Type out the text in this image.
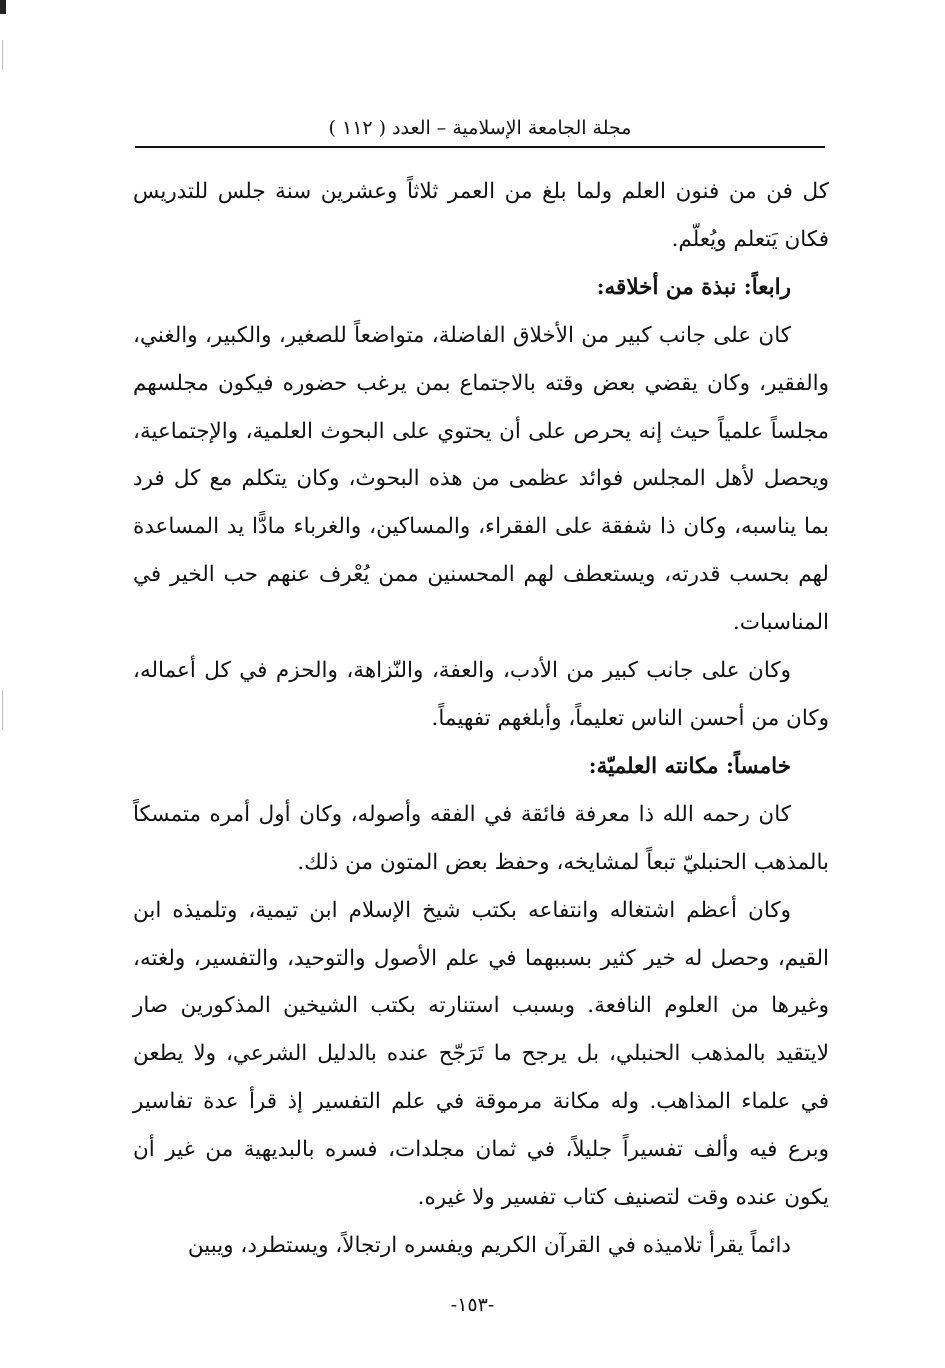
مجلة الجامعة الإسلامية – العدد ( ١١٢ )

كل فن من فنون العلم ولما بلغ من العمر ثلاثاً وعشرين سنة جلس للتدريس فكان يَتعلم ويُعلّم.

رابعاً: نبذة من أخلاقه:

كان على جانب كبير من الأخلاق الفاضلة، متواضعاً للصغير، والكبير، والغني، والفقير، وكان يقضي بعض وقته بالاجتماع بمن يرغب حضوره فيكون مجلسهم مجلساً علمياً حيث إنه يحرص على أن يحتوي على البحوث العلمية، والإجتماعية، ويحصل لأهل المجلس فوائد عظمى من هذه البحوث، وكان يتكلم مع كل فرد بما يناسبه، وكان ذا شفقة على الفقراء، والمساكين، والغرباء مادًّا يد المساعدة لهم بحسب قدرته، ويستعطف لهم المحسنين ممن يُعْرف عنهم حب الخير في المناسبات.

وكان على جانب كبير من الأدب، والعفة، والنّزاهة، والحزم في كل أعماله، وكان من أحسن الناس تعليماً، وأبلغهم تفهيماً.

خامساً: مكانته العلميّة:

كان رحمه الله ذا معرفة فائقة في الفقه وأصوله، وكان أول أمره متمسكاً بالمذهب الحنبليّ تبعاً لمشايخه، وحفظ بعض المتون من ذلك.

وكان أعظم اشتغاله وانتفاعه بكتب شيخ الإسلام ابن تيمية، وتلميذه ابن القيم، وحصل له خير كثير بسببهما في علم الأصول والتوحيد، والتفسير، ولغته، وغيرها من العلوم النافعة. وبسبب استنارته بكتب الشيخين المذكورين صار لايتقيد بالمذهب الحنبلي، بل يرجح ما تَرَجّح عنده بالدليل الشرعي، ولا يطعن في علماء المذاهب. وله مكانة مرموقة في علم التفسير إذ قرأ عدة تفاسير وبرع فيه وألف تفسيراً جليلاً، في ثمان مجلدات، فسره بالبديهية من غير أن يكون عنده وقت لتصنيف كتاب تفسير ولا غيره.

دائماً يقرأ تلاميذه في القرآن الكريم ويفسره ارتجالاً، ويستطرد، ويبين

-١٥٣-
